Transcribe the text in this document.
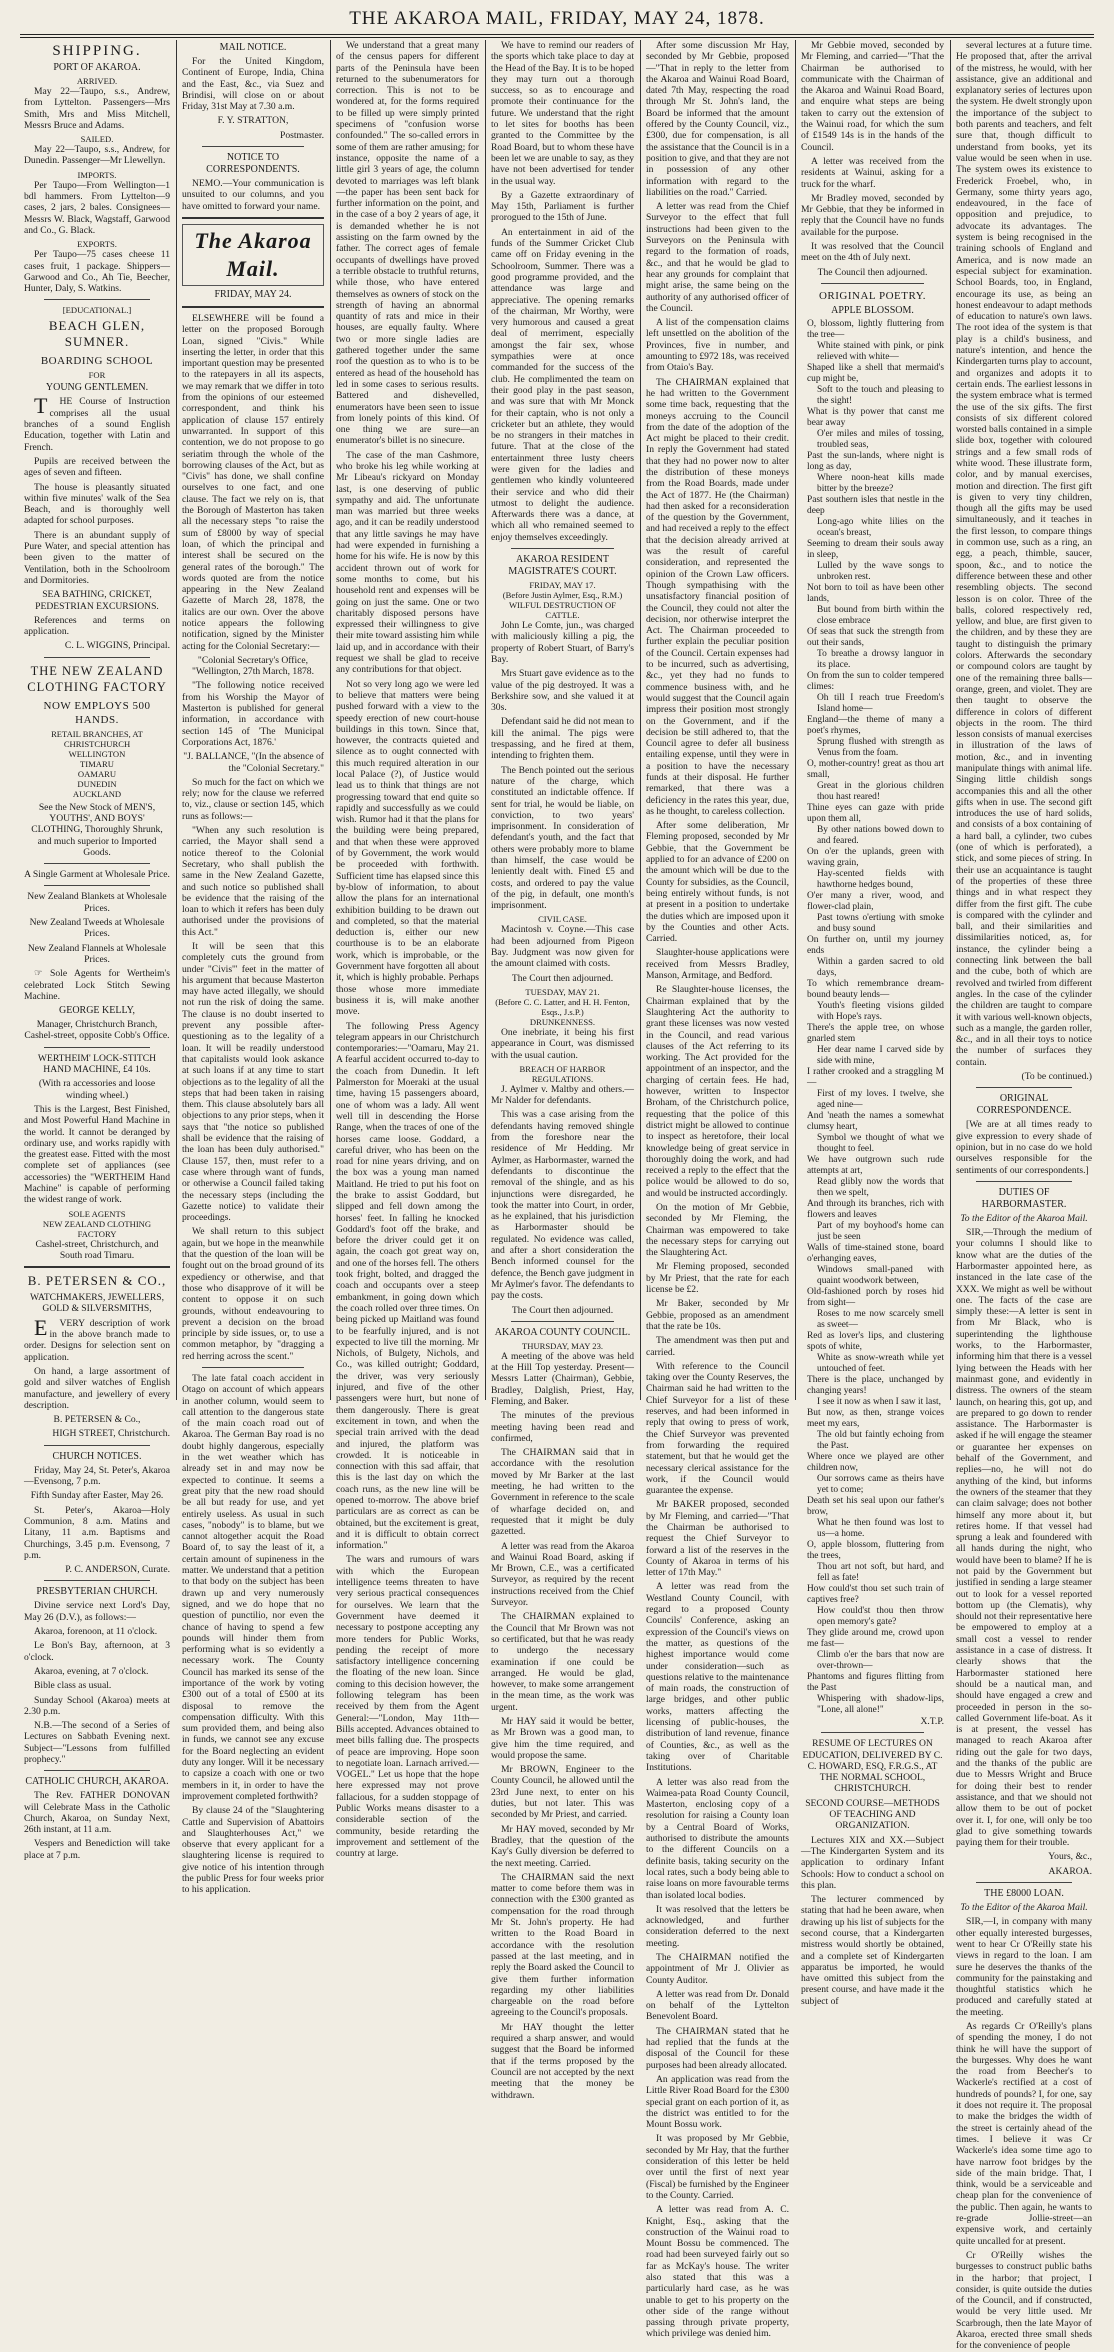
THE AKAROA MAIL, FRIDAY, MAY 24, 1878.
SHIPPING.
PORT OF AKAROA.
ARRIVED.

May 22—Taupo, s.s., Andrew, from Lyttelton. Passengers—Mrs Smith, Mrs and Miss Mitchell, Messrs Bruce and Adams.

SAILED.

May 22—Taupo, s.s., Andrew, for Dunedin. Passenger—Mr Llewellyn.

IMPORTS.

Per Taupo—From Wellington—1 bdl hammers. From Lyttelton—9 cases, 2 jars, 2 bales. Consignees—Messrs W. Black, Wagstaff, Garwood and Co., G. Black.

EXPORTS.

Per Taupo—75 cases cheese 11 cases fruit, 1 package. Shippers—Garwood and Co., Ah Tie, Beecher, Hunter, Daly, S. Watkins.

[EDUCATIONAL.]
BEACH GLEN, SUMNER.
BOARDING SCHOOL
FOR
YOUNG GENTLEMEN.

THE Course of Instruction comprises all the usual branches of a sound English Education, together with Latin and French.

Pupils are received between the ages of seven and fifteen.

The house is pleasantly situated within five minutes' walk of the Sea Beach, and is thoroughly well adapted for school purposes.

There is an abundant supply of Pure Water, and special attention has been given to the matter of Ventilation, both in the Schoolroom and Dormitories.

SEA BATHING, CRICKET, PEDESTRIAN EXCURSIONS.

References and terms on application.

C. L. WIGGINS, Principal.

THE NEW ZEALAND CLOTHING FACTORY
NOW EMPLOYS 500 HANDS.
RETAIL BRANCHES, AT
CHRISTCHURCH
WELLINGTON
TIMARU
OAMARU
DUNEDIN
AUCKLAND

See the New Stock of MEN'S, YOUTHS', AND BOYS' CLOTHING, Thoroughly Shrunk, and much superior to Imported Goods.

A Single Garment at Wholesale Price.

New Zealand Blankets at Wholesale Prices.

New Zealand Tweeds at Wholesale Prices.

New Zealand Flannels at Wholesale Prices.

☞ Sole Agents for Wertheim's celebrated Lock Stitch Sewing Machine.

GEORGE KELLY,

Manager, Christchurch Branch, Cashel-street, opposite Cobb's Office.

WERTHEIM' LOCK-STITCH HAND MACHINE, £4 10s.

(With ra accessories and loose winding wheel.)

This is the Largest, Best Finished, and Most Powerful Hand Machine in the world. It cannot be deranged by ordinary use, and works rapidly with the greatest ease. Fitted with the most complete set of appliances (see accessories) the "WERTHEIM Hand Machine" is capable of performing the widest range of work.

SOLE AGENTS
NEW ZEALAND CLOTHING FACTORY

Cashel-street, Christchurch, and South road Timaru.

B. PETERSEN & CO.,

WATCHMAKERS, JEWELLERS, GOLD & SILVERSMITHS,

EVERY description of work in the above branch made to order. Designs for selection sent on application.

On hand, a large assortment of gold and silver watches of English manufacture, and jewellery of every description.

B. PETERSEN & Co.,

HIGH STREET, Christchurch.

CHURCH NOTICES.

Friday, May 24, St. Peter's, Akaroa—Evensong, 7 p.m.

Fifth Sunday after Easter, May 26.

St. Peter's, Akaroa—Holy Communion, 8 a.m. Matins and Litany, 11 a.m. Baptisms and Churchings, 3.45 p.m. Evensong, 7 p.m.

P. C. ANDERSON, Curate.

PRESBYTERIAN CHURCH.

Divine service next Lord's Day, May 26 (D.V.), as follows:—

Akaroa, forenoon, at 11 o'clock.

Le Bon's Bay, afternoon, at 3 o'clock.

Akaroa, evening, at 7 o'clock.

Bible class as usual.

Sunday School (Akaroa) meets at 2.30 p.m.

N.B.—The second of a Series of Lectures on Sabbath Evening next. Subject—"Lessons from fulfilled prophecy."

CATHOLIC CHURCH, AKAROA.

The Rev. FATHER DONOVAN will Celebrate Mass in the Catholic Church, Akaroa, on Sunday Next, 26th instant, at 11 a.m.

Vespers and Benediction will take place at 7 p.m.

MAIL NOTICE.

For the United Kingdom, Continent of Europe, India, China and the East, &c., via Suez and Brindisi, will close on or about Friday, 31st May at 7.30 a.m.

F. Y. STRATTON,

Postmaster.

NOTICE TO CORRESPONDENTS.

NEMO.—Your communication is unsuited to our columns, and you have omitted to forward your name.

The Akaroa Mail.
FRIDAY, MAY 24.

ELSEWHERE will be found a letter on the proposed Borough Loan, signed "Civis." While inserting the letter, in order that this important question may be presented to the ratepayers in all its aspects, we may remark that we differ in toto from the opinions of our esteemed correspondent, and think his application of clause 157 entirely unwarranted. In support of this contention, we do not propose to go seriatim through the whole of the borrowing clauses of the Act, but as "Civis" has done, we shall confine ourselves to one fact, and one clause. The fact we rely on is, that the Borough of Masterton has taken all the necessary steps "to raise the sum of £8000 by way of special loan, of which the principal and interest shall be secured on the general rates of the borough." The words quoted are from the notice appearing in the New Zealand Gazette of March 28, 1878, the italics are our own. Over the above notice appears the following notification, signed by the Minister acting for the Colonial Secretary:—

"Colonial Secretary's Office, "Wellington, 27th March, 1878.

"The following notice received from his Worship the Mayor of Masterton is published for general information, in accordance with section 145 of 'The Municipal Corporations Act, 1876.'

"J. BALLANCE, "(In the absence of the "Colonial Secretary."

So much for the fact on which we rely; now for the clause we referred to, viz., clause or section 145, which runs as follows:—

"When any such resolution is carried, the Mayor shall send a notice thereof to the Colonial Secretary, who shall publish the same in the New Zealand Gazette, and such notice so published shall be evidence that the raising of the loan to which it refers has been duly authorised under the provisions of this Act."

It will be seen that this completely cuts the ground from under "Civis'" feet in the matter of his argument that because Masterton may have acted illegally, we should not run the risk of doing the same. The clause is no doubt inserted to prevent any possible after-questioning as to the legality of a loan. It will be readily understood that capitalists would look askance at such loans if at any time to start objections as to the legality of all the steps that had been taken in raising them. This clause absolutely bars all objections to any prior steps, when it says that "the notice so published shall be evidence that the raising of the loan has been duly authorised." Clause 157, then, must refer to a case where through want of funds, or otherwise a Council failed taking the necessary steps (including the Gazette notice) to validate their proceedings.

We shall return to this subject again, but we hope in the meanwhile that the question of the loan will be fought out on the broad ground of its expediency or otherwise, and that those who disapprove of it will be content to oppose it on such grounds, without endeavouring to prevent a decision on the broad principle by side issues, or, to use a common metaphor, by "dragging a red herring across the scent."

The late fatal coach accident in Otago on account of which appears in another column, would seem to call attention to the dangerous state of the main coach road out of Akaroa. The German Bay road is no doubt highly dangerous, especially in the wet weather which has already set in and may now be expected to continue. It seems a great pity that the new road should be all but ready for use, and yet entirely useless. As usual in such cases, "nobody" is to blame, but we cannot altogether acquit the Road Board of, to say the least of it, a certain amount of supineness in the matter. We understand that a petition to that body on the subject has been drawn up and very numerously signed, and we do hope that no question of punctilio, nor even the chance of having to spend a few pounds will hinder them from performing what is so evidently a necessary work. The County Council has marked its sense of the importance of the work by voting £300 out of a total of £500 at its disposal to remove the compensation difficulty. With this sum provided them, and being also in funds, we cannot see any excuse for the Board neglecting an evident duty any longer. Will it be necessary to capsize a coach with one or two members in it, in order to have the improvement completed forthwith?

By clause 24 of the "Slaughtering Cattle and Supervision of Abattoirs and Slaughterhouses Act," we observe that every applicant for a slaughtering license is required to give notice of his intention through the public Press for four weeks prior to his application.

We understand that a great many of the census papers for different parts of the Peninsula have been returned to the subenumerators for correction. This is not to be wondered at, for the forms required to be filled up were simply printed specimens of "confusion worse confounded." The so-called errors in some of them are rather amusing; for instance, opposite the name of a little girl 3 years of age, the column devoted to marriages was left blank—the paper has been sent back for further information on the point, and in the case of a boy 2 years of age, it is demanded whether he is not assisting on the farm owned by the father. The correct ages of female occupants of dwellings have proved a terrible obstacle to truthful returns, while those, who have entered themselves as owners of stock on the strength of having an abnormal quantity of rats and mice in their houses, are equally faulty. Where two or more single ladies are gathered together under the same roof the question as to who is to be entered as head of the household has led in some cases to serious results. Battered and dishevelled, enumerators have been seen to issue from lonely points of this kind. Of one thing we are sure—an enumerator's billet is no sinecure.

The case of the man Cashmore, who broke his leg while working at Mr Libeau's rickyard on Monday last, is one deserving of public sympathy and aid. The unfortunate man was married but three weeks ago, and it can be readily understood that any little savings he may have had were expended in furnishing a home for his wife. He is now by this accident thrown out of work for some months to come, but his household rent and expenses will be going on just the same. One or two charitably disposed persons have expressed their willingness to give their mite toward assisting him while laid up, and in accordance with their request we shall be glad to receive any contributions for that object.

Not so very long ago we were led to believe that matters were being pushed forward with a view to the speedy erection of new court-house buildings in this town. Since that, however, the contracts quieted and silence as to ought connected with this much required alteration in our local Palace (?), of Justice would lead us to think that things are not progressing toward that end quite so rapidly and successfully as we could wish. Rumor had it that the plans for the building were being prepared, and that when these were approved of by Government, the work would be proceeded with forthwith. Sufficient time has elapsed since this by-blow of information, to about allow the plans for an international exhibition building to be drawn out and completed, so that the material deduction is, either our new courthouse is to be an elaborate work, which is improbable, or the Government have forgotten all about it, which is highly probable. Perhaps those whose more immediate business it is, will make another move.

The following Press Agency telegram appears in our Christchurch contemporaries:—"Oamaru, May 21. A fearful accident occurred to-day to the coach from Dunedin. It left Palmerston for Moeraki at the usual time, having 15 passengers aboard, one of whom was a lady. All went well till in descending the Horse Range, when the traces of one of the horses came loose. Goddard, a careful driver, who has been on the road for nine years driving, and on the box was a young man named Maitland. He tried to put his foot on the brake to assist Goddard, but slipped and fell down among the horses' feet. In falling he knocked Goddard's foot off the brake, and before the driver could get it on again, the coach got great way on, and one of the horses fell. The others took fright, bolted, and dragged the coach and occupants over a steep embankment, in going down which the coach rolled over three times. On being picked up Maitland was found to be fearfully injured, and is not expected to live till the morning. Mr Nichols, of Bulgety, Nichols, and Co., was killed outright; Goddard, the driver, was very seriously injured, and five of the other passengers were hurt, but none of them dangerously. There is great excitement in town, and when the special train arrived with the dead and injured, the platform was crowded. It is noticeable in connection with this sad affair, that this is the last day on which the coach runs, as the new line will be opened to-morrow. The above brief particulars are as correct as can be obtained, but the excitement is great, and it is difficult to obtain correct information."

The wars and rumours of wars with which the European intelligence teems threaten to have very serious practical consequences for ourselves. We learn that the Government have deemed it necessary to postpone accepting any more tenders for Public Works, pending the receipt of more satisfactory intelligence concerning the floating of the new loan. Since coming to this decision however, the following telegram has been received by them from the Agent General:—"London, May 11th—Bills accepted. Advances obtained to meet bills falling due. The prospects of peace are improving. Hope soon to negotiate loan. Larnach arrived.—VOGEL." Let us hope that the hope here expressed may not prove fallacious, for a sudden stoppage of Public Works means disaster to a considerable section of the community, beside retarding the improvement and settlement of the country at large.

We have to remind our readers of the sports which take place to day at the Head of the Bay. It is to be hoped they may turn out a thorough success, so as to encourage and promote their continuance for the future. We understand that the right to let sites for booths has been granted to the Committee by the Road Board, but to whom these have been let we are unable to say, as they have not been advertised for tender in the usual way.

By a Gazette extraordinary of May 15th, Parliament is further prorogued to the 15th of June.

An entertainment in aid of the funds of the Summer Cricket Club came off on Friday evening in the Schoolroom, Summer. There was a good programme provided, and the attendance was large and appreciative. The opening remarks of the chairman, Mr Worthy, were very humorous and caused a great deal of merriment, especially amongst the fair sex, whose sympathies were at once commanded for the success of the club. He complimented the team on their good play in the past season, and was sure that with Mr Monck for their captain, who is not only a cricketer but an athlete, they would be no strangers in their matches in future. That at the close of the entertainment three lusty cheers were given for the ladies and gentlemen who kindly volunteered their service and who did their utmost to delight the audience. Afterwards there was a dance, at which all who remained seemed to enjoy themselves exceedingly.

AKAROA RESIDENT MAGISTRATE'S COURT.
FRIDAY, MAY 17.
(Before Justin Aylmer, Esq., R.M.)
WILFUL DESTRUCTION OF CATTLE.

John Le Comte, jun., was charged with maliciously killing a pig, the property of Robert Stuart, of Barry's Bay.

Mrs Stuart gave evidence as to the value of the pig destroyed. It was a Berkshire sow, and she valued it at 30s.

Defendant said he did not mean to kill the animal. The pigs were trespassing, and he fired at them, intending to frighten them.

The Bench pointed out the serious nature of the charge, which constituted an indictable offence. If sent for trial, he would be liable, on conviction, to two years' imprisonment. In consideration of defendant's youth, and the fact that others were probably more to blame than himself, the case would be leniently dealt with. Fined £5 and costs, and ordered to pay the value of the pig, in default, one month's imprisonment.

CIVIL CASE.

Macintosh v. Coyne.—This case had been adjourned from Pigeon Bay. Judgment was now given for the amount claimed with costs.

The Court then adjourned.

TUESDAY, MAY 21.
(Before C. C. Latter, and H. H. Fenton, Esqs., J.s.P.)
DRUNKENNESS.

One inebriate, it being his first appearance in Court, was dismissed with the usual caution.

BREACH OF HARBOR REGULATIONS.

J. Aylmer v. Maltby and others.—Mr Nalder for defendants.

This was a case arising from the defendants having removed shingle from the foreshore near the residence of Mr Hedding. Mr Aylmer, as Harbormaster, warned the defendants to discontinue the removal of the shingle, and as his injunctions were disregarded, he took the matter into Court, in order, as he explained, that his jurisdiction as Harbormaster should be regulated. No evidence was called, and after a short consideration the Bench informed counsel for the defence, the Bench gave judgment in Mr Aylmer's favor. The defendants to pay the costs.

The Court then adjourned.

AKAROA COUNTY COUNCIL.
THURSDAY, MAY 23.

A meeting of the above was held at the Hill Top yesterday. Present—Messrs Latter (Chairman), Gebbie, Bradley, Dalglish, Priest, Hay, Fleming, and Baker.

The minutes of the previous meeting having been read and confirmed,

The CHAIRMAN said that in accordance with the resolution moved by Mr Barker at the last meeting, he had written to the Government in reference to the scale of wharfage decided on, and requested that it might be duly gazetted.

A letter was read from the Akaroa and Wainui Road Board, asking if Mr Brown, C.E., was a certificated Surveyor, as required by the recent instructions received from the Chief Surveyor.

The CHAIRMAN explained to the Council that Mr Brown was not so certificated, but that he was ready to undergo the necessary examination if one could be arranged. He would be glad, however, to make some arrangement in the mean time, as the work was urgent.

Mr HAY said it would be better, as Mr Brown was a good man, to give him the time required, and would propose the same.

Mr BROWN, Engineer to the County Council, he allowed until the 23rd June next, to enter on his duties, but not later. This was seconded by Mr Priest, and carried.

Mr HAY moved, seconded by Mr Bradley, that the question of the Kay's Gully diversion be deferred to the next meeting. Carried.

The CHAIRMAN said the next matter to come before them was in connection with the £300 granted as compensation for the road through Mr St. John's property. He had written to the Road Board in accordance with the resolution passed at the last meeting, and in reply the Board asked the Council to give them further information regarding my other liabilities chargeable on the road before agreeing to the Council's proposals.

Mr HAY thought the letter required a sharp answer, and would suggest that the Board be informed that if the terms proposed by the Council are not accepted by the next meeting that the money be withdrawn.

After some discussion Mr Hay, seconded by Mr Gebbie, proposed—"That in reply to the letter from the Akaroa and Wainui Road Board, dated 7th May, respecting the road through Mr St. John's land, the Board be informed that the amount offered by the County Council, viz., £300, due for compensation, is all the assistance that the Council is in a position to give, and that they are not in possession of any other information with regard to the liabilities on the road." Carried.

A letter was read from the Chief Surveyor to the effect that full instructions had been given to the Surveyors on the Peninsula with regard to the formation of roads, &c., and that he would be glad to hear any grounds for complaint that might arise, the same being on the authority of any authorised officer of the Council.

A list of the compensation claims left unsettled on the abolition of the Provinces, five in number, and amounting to £972 18s, was received from Otaio's Bay.

The CHAIRMAN explained that he had written to the Government some time back, requesting that the moneys accruing to the Council from the date of the adoption of the Act might be placed to their credit. In reply the Government had stated that they had no power now to alter the distribution of these moneys from the Road Boards, made under the Act of 1877. He (the Chairman) had then asked for a reconsideration of the question by the Government, and had received a reply to the effect that the decision already arrived at was the result of careful consideration, and represented the opinion of the Crown Law officers. Though sympathising with the unsatisfactory financial position of the Council, they could not alter the decision, nor otherwise interpret the Act. The Chairman proceeded to further explain the peculiar position of the Council. Certain expenses had to be incurred, such as advertising, &c., yet they had no funds to commence business with, and he would suggest that the Council again impress their position most strongly on the Government, and if the decision be still adhered to, that the Council agree to defer all business entailing expense, until they were in a position to have the necessary funds at their disposal. He further remarked, that there was a deficiency in the rates this year, due, as he thought, to careless collection.

After some deliberation, Mr Fleming proposed, seconded by Mr Gebbie, that the Government be applied to for an advance of £200 on the amount which will be due to the County for subsidies, as the Council, being entirely without funds, is not at present in a position to undertake the duties which are imposed upon it by the Counties and other Acts. Carried.

Slaughter-house applications were received from Messrs Bradley, Manson, Armitage, and Bedford.

Re Slaughter-house licenses, the Chairman explained that by the Slaughtering Act the authority to grant these licenses was now vested in the Council, and read various clauses of the Act referring to its working. The Act provided for the appointment of an inspector, and the charging of certain fees. He had, however, written to Inspector Broham, of the Christchurch police, requesting that the police of this district might be allowed to continue to inspect as heretofore, their local knowledge being of great service in thoroughly doing the work, and had received a reply to the effect that the police would be allowed to do so, and would be instructed accordingly.

On the motion of Mr Gebbie, seconded by Mr Fleming, the Chairman was empowered to take the necessary steps for carrying out the Slaughtering Act.

Mr Fleming proposed, seconded by Mr Priest, that the rate for each license be £2.

Mr Baker, seconded by Mr Gebbie, proposed as an amendment that the rate be 10s.

The amendment was then put and carried.

With reference to the Council taking over the County Reserves, the Chairman said he had written to the Chief Surveyor for a list of these reserves, and had been informed in reply that owing to press of work, the Chief Surveyor was prevented from forwarding the required statement, but that he would get the necessary clerical assistance for the work, if the Council would guarantee the expense.

Mr BAKER proposed, seconded by Mr Fleming, and carried—"That the Chairman be authorised to request the Chief Surveyor to forward a list of the reserves in the County of Akaroa in terms of his letter of 17th May."

A letter was read from the Westland County Council, with regard to a proposed County Councils' Conference, asking an expression of the Council's views on the matter, as questions of the highest importance would come under consideration—such as questions relative to the maintenance of main roads, the construction of large bridges, and other public works, matters affecting the licensing of public-houses, the distribution of land revenue, finance of Counties, &c., as well as the taking over of Charitable Institutions.

A letter was also read from the Waimea-pata Road County Council, Masterton, enclosing copy of a resolution for raising a County loan by a Central Board of Works, authorised to distribute the amounts to the different Councils on a definite basis, taking security on the local rates, such a body being able to raise loans on more favourable terms than isolated local bodies.

It was resolved that the letters be acknowledged, and further consideration deferred to the next meeting.

The CHAIRMAN notified the appointment of Mr J. Olivier as County Auditor.

A letter was read from Dr. Donald on behalf of the Lyttelton Benevolent Board.

The CHAIRMAN stated that he had replied that the funds at the disposal of the Council for these purposes had been already allocated.

An application was read from the Little River Road Board for the £300 special grant on each portion of it, as the district was entitled to for the Mount Bossu work.

It was proposed by Mr Gebbie, seconded by Mr Hay, that the further consideration of this letter be held over until the first of next year (Fiscal) be furnished by the Engineer to the County. Carried.

A letter was read from A. C. Knight, Esq., asking that the construction of the Wainui road to Mount Bossu be commenced. The road had been surveyed fairly out so far as McKay's house. The writer also stated that this was a particularly hard case, as he was unable to get to his property on the other side of the range without passing through private property, which privilege was denied him.

Mr Gebbie moved, seconded by Mr Fleming, and carried—"That the Chairman be authorised to communicate with the Chairman of the Akaroa and Wainui Road Board, and enquire what steps are being taken to carry out the extension of the Wainui road, for which the sum of £1549 14s is in the hands of the Council.

A letter was received from the residents at Wainui, asking for a truck for the wharf.

Mr Bradley moved, seconded by Mr Gebbie, that they be informed in reply that the Council have no funds available for the purpose.

It was resolved that the Council meet on the 4th of July next.

The Council then adjourned.

ORIGINAL POETRY.
APPLE BLOSSOM.
O, blossom, lightly fluttering from the tree—
White stained with pink, or pink relieved with white—
Shaped like a shell that mermaid's cup might be,
Soft to the touch and pleasing to the sight!
What is thy power that canst me bear away
O'er miles and miles of tossing, troubled seas,
Past the sun-lands, where night is long as day,
Where noon-heat kills made bitter by the breeze?
Past southern isles that nestle in the deep
Long-ago white lilies on the ocean's breast,
Seeming to dream their souls away in sleep,
Lulled by the wave songs to unbroken rest.
Not born to toil as have been other lands,
But bound from birth within the close embrace
Of seas that suck the strength from out their sands,
To breathe a drowsy languor in its place.
On from the sun to colder tempered climes:
Oh till I reach true Freedom's Island home—
England—the theme of many a poet's rhymes,
Sprung flushed with strength as Venus from the foam.
O, mother-country! great as thou art small,
Great in the glorious children thou hast reared!
Thine eyes can gaze with pride upon them all,
By other nations bowed down to and feared.
On o'er the uplands, green with waving grain,
Hay-scented fields with hawthorne hedges bound,
O'er many a river, wood, and flower-clad plain,
Past towns o'ertiung with smoke and busy sound
On further on, until my journey ends
Within a garden sacred to old days,
To which remembrance dream-bound beauty lends—
Youth's fleeting visions gilded with Hope's rays.
There's the apple tree, on whose gnarled stem
Her dear name I carved side by side with mine,
I rather crooked and a straggling M—
First of my loves. I twelve, she aged nine—
And 'neath the names a somewhat clumsy heart,
Symbol we thought of what we thought to feel.
We have outgrown such rude attempts at art,
Read glibly now the words that then we spelt,
And through its branches, rich with flowers and leaves
Part of my boyhood's home can just be seen
Walls of time-stained stone, board o'erhanging eaves,
Windows small-paned with quaint woodwork between,
Old-fashioned porch by roses hid from sight—
Roses to me now scarcely smell as sweet—
Red as lover's lips, and clustering spots of white,
White as snow-wreath while yet untouched of feet.
There is the place, unchanged by changing years!
I see it now as when I saw it last,
But now, as then, strange voices meet my ears,
The old but faintly echoing from the Past.
Where once we played are other children now,
Our sorrows came as theirs have yet to come;
Death set his seal upon our father's brow,
What he then found was lost to us—a home.
O, apple blossom, fluttering from the trees,
Thou art not soft, but hard, and fell as fate!
How could'st thou set such train of captives free?
How could'st thou then throw open memory's gate?
They glide around me, crowd upon me fast—
Climb o'er the bars that now are over-thrown—
Phantoms and figures flitting from the Past
Whispering with shadow-lips, "Lone, all alone!"

X.T.P.

RESUME OF LECTURES ON EDUCATION, DELIVERED BY C. C. HOWARD, ESQ, F.R.G.S., AT THE NORMAL SCHOOL, CHRISTCHURCH.

SECOND COURSE—METHODS OF TEACHING AND ORGANIZATION.

Lectures XIX and XX.—Subject—The Kindergarten System and its application to ordinary Infant Schools: How to conduct a school on this plan.

The lecturer commenced by stating that had he been aware, when drawing up his list of subjects for the second course, that a Kindergarten mistress would shortly be obtained, and a complete set of Kindergarten apparatus be imported, he would have omitted this subject from the present course, and have made it the subject of

several lectures at a future time. He proposed that, after the arrival of the mistress, he would, with her assistance, give an additional and explanatory series of lectures upon the system. He dwelt strongly upon the importance of the subject to both parents and teachers, and felt sure that, though difficult to understand from books, yet its value would be seen when in use. The system owes its existence to Frederick Froebel, who, in Germany, some thirty years ago, endeavoured, in the face of opposition and prejudice, to advocate its advantages. The system is being recognised in the training schools of England and America, and is now made an especial subject for examination. School Boards, too, in England, encourage its use, as being an honest endeavour to adapt methods of education to nature's own laws. The root idea of the system is that play is a child's business, and nature's intention, and hence the Kindergarten turns play to account, and organizes and adopts it to certain ends. The earliest lessons in the system embrace what is termed the use of the six gifts. The first consists of six different colored worsted balls contained in a simple slide box, together with coloured strings and a few small rods of white wood. These illustrate form, color, and by manual exercises, motion and direction. The first gift is given to very tiny children, though all the gifts may be used simultaneously, and it teaches in the first lesson, to compare things in common use, such as a ring, an egg, a peach, thimble, saucer, spoon, &c., and to notice the difference between these and other resembling objects. The second lesson is on color. Three of the balls, colored respectively red, yellow, and blue, are first given to the children, and by these they are taught to distinguish the primary colors. Afterwards the secondary or compound colors are taught by one of the remaining three balls—orange, green, and violet. They are then taught to observe the difference in colors of different objects in the room. The third lesson consists of manual exercises in illustration of the laws of motion, &c., and in inventing manipulate things with animal life. Singing little childish songs accompanies this and all the other gifts when in use. The second gift introduces the use of hard solids, and consists of a box containing of a hard ball, a cylinder, two cubes (one of which is perforated), a stick, and some pieces of string. In their use an acquaintance is taught of the properties of these three things and in what respect they differ from the first gift. The cube is compared with the cylinder and ball, and their similarities and dissimilarities noticed, as, for instance, the cylinder being a connecting link between the ball and the cube, both of which are revolved and twirled from different angles. In the case of the cylinder the children are taught to compare it with various well-known objects, such as a mangle, the garden roller, &c., and in all their toys to notice the number of surfaces they contain.

(To be continued.)

ORIGINAL CORRESPONDENCE.

[We are at all times ready to give expression to every shade of opinion, but in no case do we hold ourselves responsible for the sentiments of our correspondents.]

DUTIES OF HARBORMASTER.

To the Editor of the Akaroa Mail.

SIR,—Through the medium of your columns I should like to know what are the duties of the Harbormaster appointed here, as instanced in the late case of the XXX. We might as well be without one. The facts of the case are simply these:—A letter is sent in from Mr Black, who is superintending the lighthouse works, to the Harbormaster, informing him that there is a vessel lying between the Heads with her mainmast gone, and evidently in distress. The owners of the steam launch, on hearing this, got up, and are prepared to go down to render assistance. The Harbormaster is asked if he will engage the steamer or guarantee her expenses on behalf of the Government, and replies—no, he will not do anything of the kind, but informs the owners of the steamer that they can claim salvage; does not bother himself any more about it, but retires home. If that vessel had sprung a leak and foundered with all hands during the night, who would have been to blame? If he is not paid by the Government but justified in sending a large steamer out to look for a vessel reported bottom up (the Clematis), why should not their representative here be empowered to employ at a small cost a vessel to render assistance in a case of distress. It clearly shows that the Harbormaster stationed here should be a nautical man, and should have engaged a crew and proceeded in person in the so-called Government life-boat. As it is at present, the vessel has managed to reach Akaroa after riding out the gale for two days, and the thanks of the public are due to Messrs Wright and Bruce for doing their best to render assistance, and that we should not allow them to be out of pocket over it. I, for one, will only be too glad to give something towards paying them for their trouble.

Yours, &c.,

AKAROA.

THE £8000 LOAN.

To the Editor of the Akaroa Mail.

SIR,—I, in company with many other equally interested burgesses, went to hear Cr O'Reilly state his views in regard to the loan. I am sure he deserves the thanks of the community for the painstaking and thoughtful statistics which he produced and carefully stated at the meeting.

As regards Cr O'Reilly's plans of spending the money, I do not think he will have the support of the burgesses. Why does he want the road from Beecher's to Wackerle's rectified at a cost of hundreds of pounds? I, for one, say it does not require it. The proposal to make the bridges the width of the street is certainly ahead of the times. I believe it was Cr Wackerle's idea some time ago to have narrow foot bridges by the side of the main bridge. That, I think, would be a serviceable and cheap plan for the convenience of the public. Then again, he wants to re-grade Jollie-street—an expensive work, and certainly quite uncalled for at present.

Cr O'Reilly wishes the burgesses to construct public baths in the harbor; that project, I consider, is quite outside the duties of the Council, and if constructed, would be very little used. Mr Scarbrough, then the late Mayor of Akaroa, erected three small sheds for the convenience of people
